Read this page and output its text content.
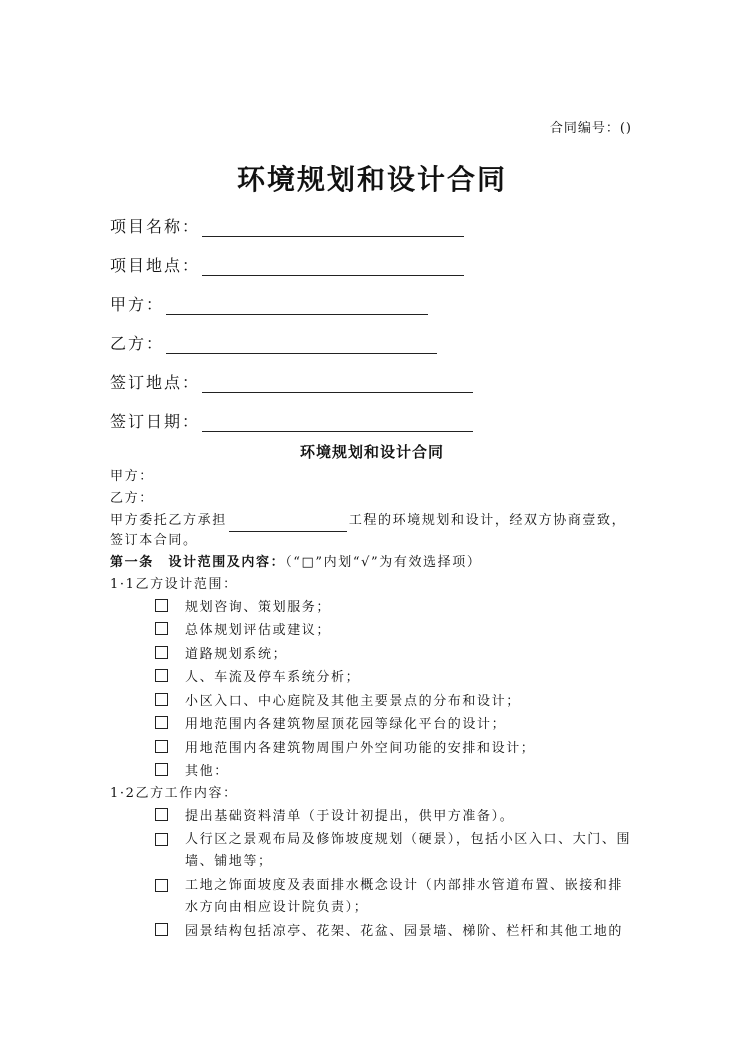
合同编号：()
环境规划和设计合同
项目名称：
项目地点：
甲方：
乙方：
签订地点：
签订日期：
环境规划和设计合同
甲方：
乙方：
甲方委托乙方承担	工程的环境规划和设计，经双方协商壹致，
签订本合同。
第一条　设计范围及内容：（“□”内划“√”为有效选择项）
1·1乙方设计范围：
规划咨询、策划服务；
总体规划评估或建议；
道路规划系统；
人、车流及停车系统分析；
小区入口、中心庭院及其他主要景点的分布和设计；
用地范围内各建筑物屋顶花园等绿化平台的设计；
用地范围内各建筑物周围户外空间功能的安排和设计；
其他：
1·2乙方工作内容：
提出基础资料清单（于设计初提出，供甲方准备）。
人行区之景观布局及修饰坡度规划（硬景），包括小区入口、大门、围墙、铺地等；
工地之饰面坡度及表面排水概念设计（内部排水管道布置、嵌接和排水方向由相应设计院负责）；
园景结构包括凉亭、花架、花盆、园景墙、梯阶、栏杆和其他工地的
